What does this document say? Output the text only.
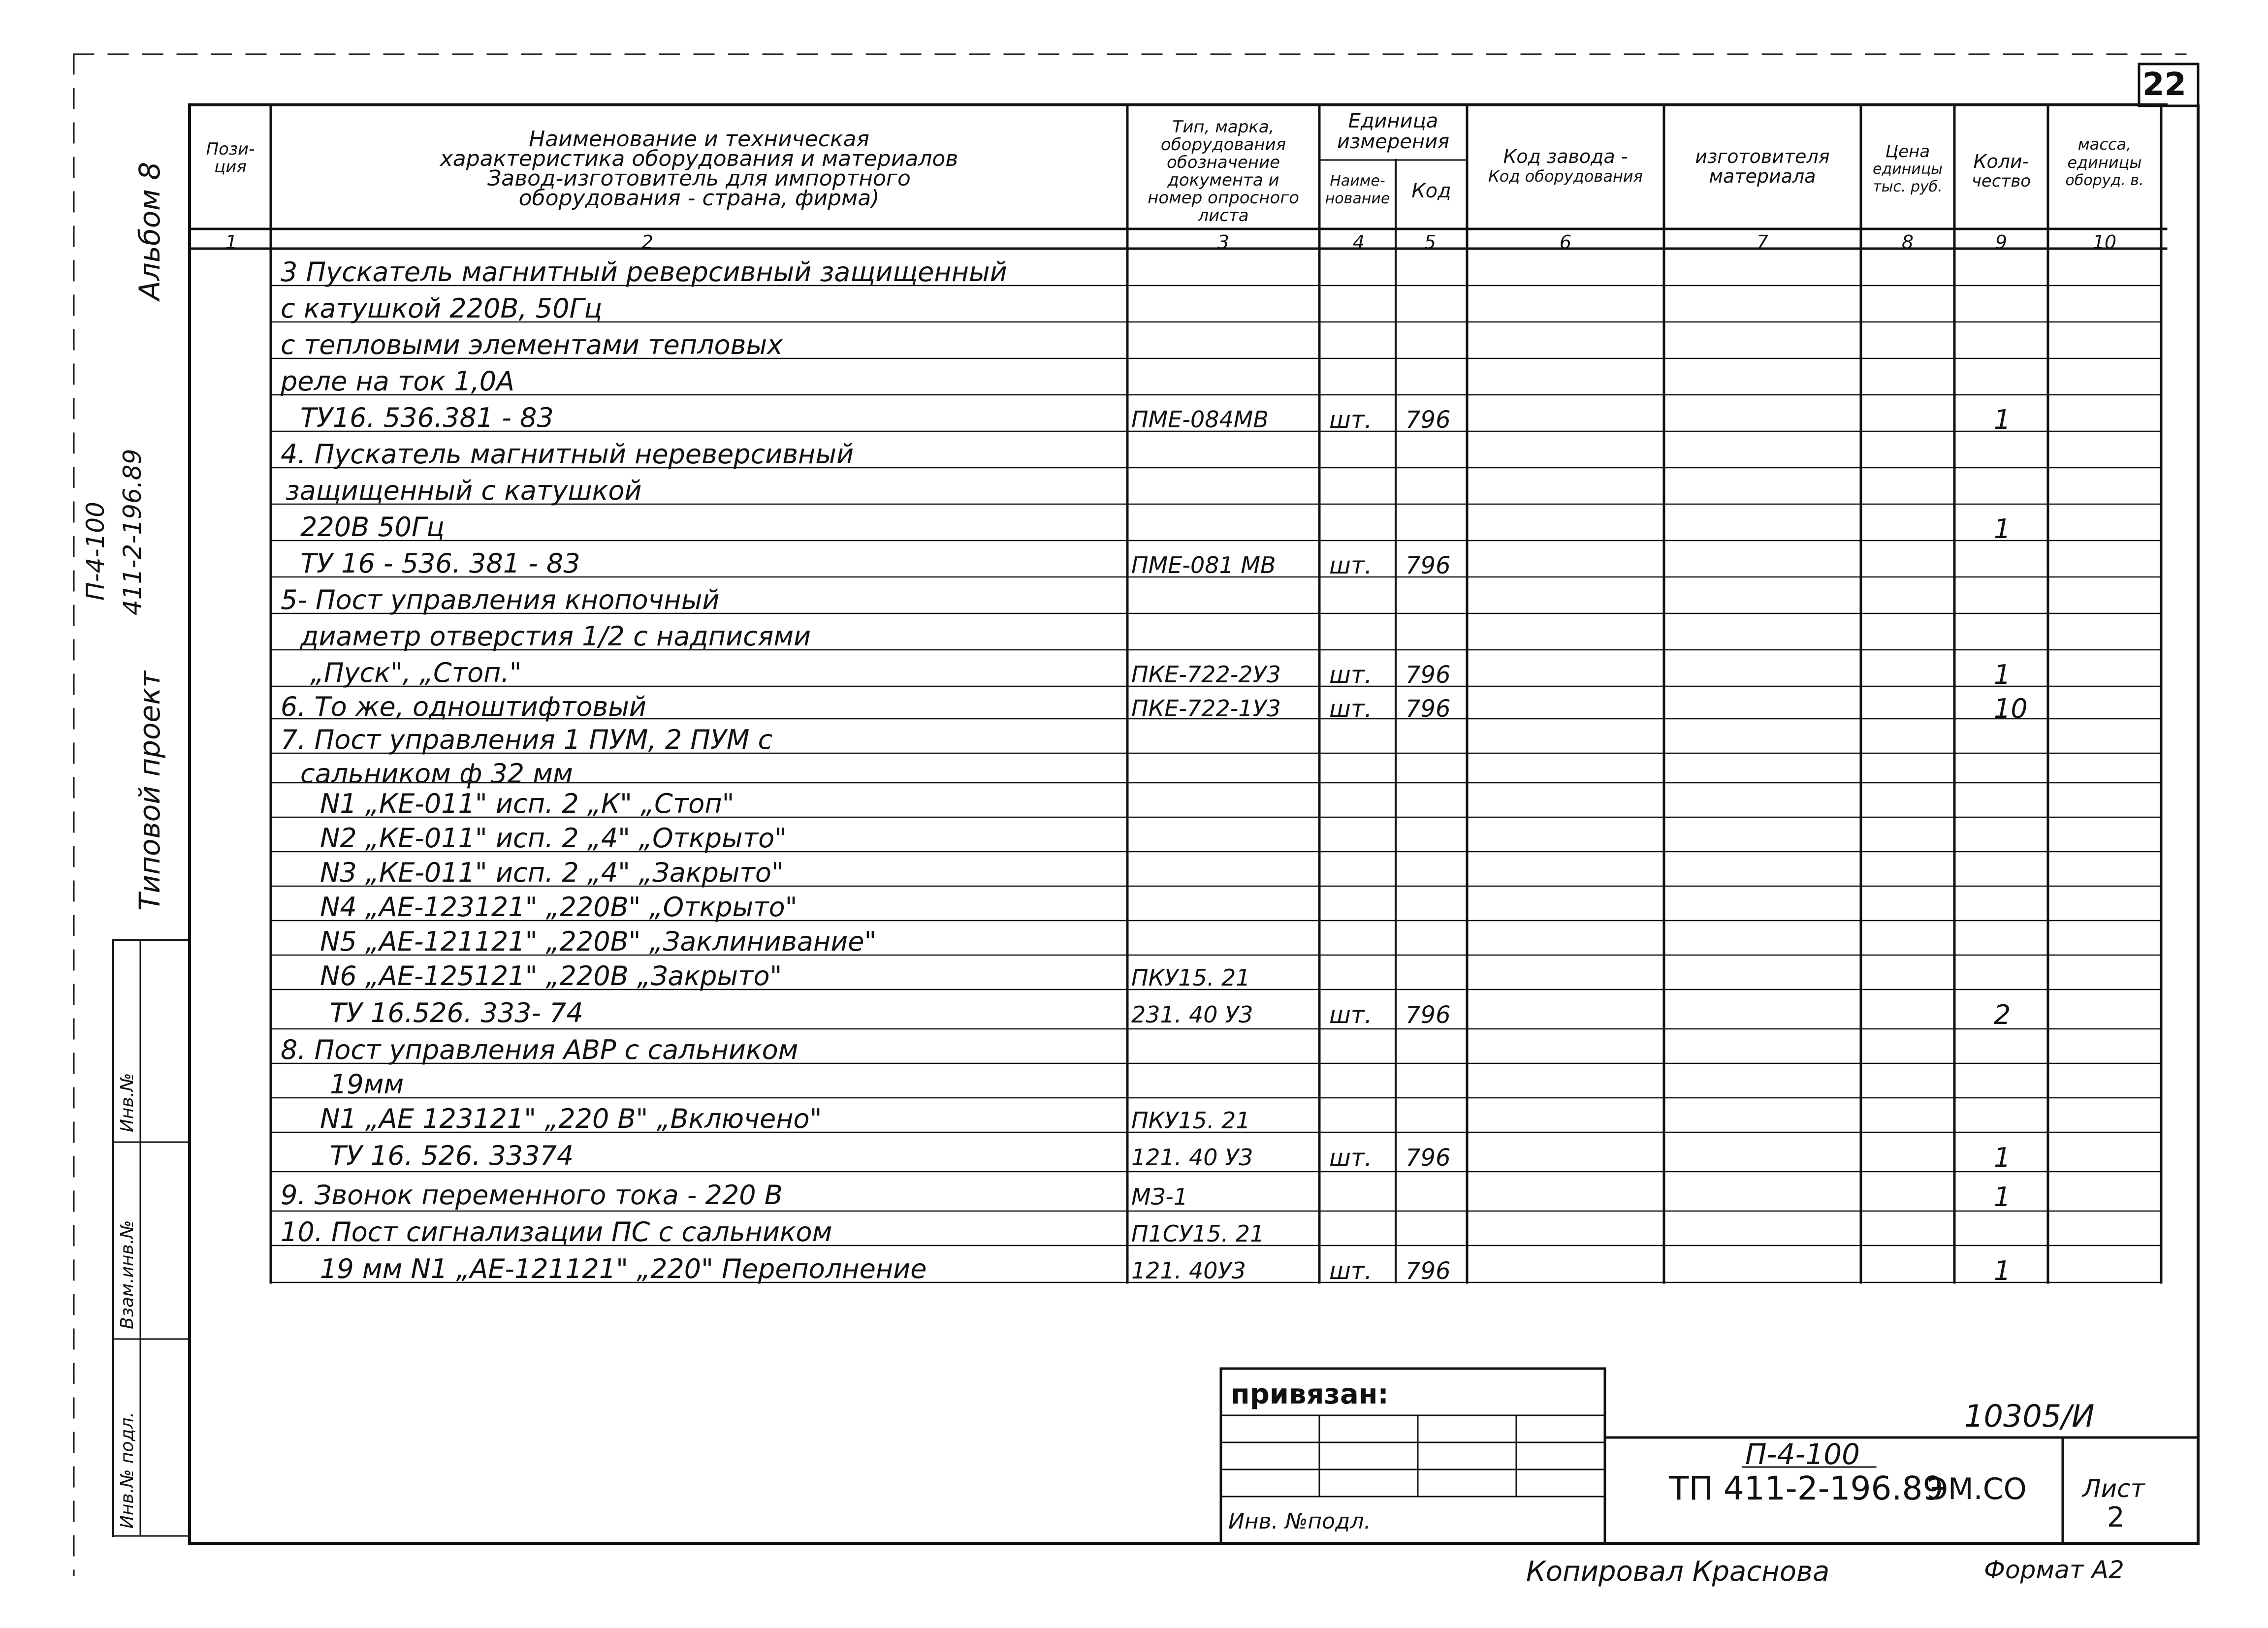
22
Альбом 8
Типовой проект
П-4-100 411-2-196.89
Инв.№
Взам.инв.№
Инв.№ подл.
Пози-ция
Наименование и техническая
характеристика оборудования и материалов
Завод-изготовитель для импортного
оборудования - страна, фирма)
Тип, марка,
оборудования
обозначение
документа и
номер опросного
листа
Единица измерения
Наиме-нование	Код
Код завода -
Код оборудования
изготовителя
материала
Цена
единицы
тыс. руб.
Коли-
чество
масса,
единицы
оборуд. в.
1	2	3	4	5	6	7	8	9	10
3 Пускатель магнитный реверсивный защищенный
с катушкой 220В, 50Гц
с тепловыми элементами тепловых
реле на ток 1,0А
ТУ16. 536.381 - 83	ПМЕ-084МВ	шт. 796	1
4. Пускатель магнитный нереверсивный
защищенный с катушкой
220В 50Гц	1
ТУ 16 - 536. 381 - 83	ПМЕ-081 МВ шт. 796
5- Пост управления кнопочный
диаметр отверстия 1/2 с надписями
„Пуск", „Стоп."	ПКЕ-722-2У3 шт. 796	1
6. То же, одноштифтовый	ПКЕ-722-1У3 шт. 796	10
7. Пост управления 1 ПУМ, 2 ПУМ с
сальником ф 32 мм
N1 „КЕ-011" исп. 2 „К" „Стоп"
N2 „КЕ-011" исп. 2 „4" „Открыто"
N3 „КЕ-011" исп. 2 „4" „Закрыто"
N4 „АЕ-123121" „220В" „Открыто"
N5 „АЕ-121121" „220В" „Заклинивание"
N6 „АЕ-125121" „220В „Закрыто"	ПКУ15. 21
ТУ 16.526. 333- 74	231. 40 У3	шт. 796	2
8. Пост управления АВР с сальником
19мм
N1 „АЕ 123121" „220 В" „Включено"	ПКУ15. 21
ТУ 16. 526. 33374	121. 40 У3	шт. 796	1
9. Звонок переменного тока - 220 В	МЗ-1	1
10. Пост сигнализации ПС с сальником	П1СУ15. 21
19 мм N1 „АЕ-121121" „220" Переполнение	121. 40У3	шт. 796	1
привязан:
Инв. №подл.
10305/И
П-4-100
ТП 411-2-196.89
ЭМ.СО Лист
2
Копировал Краснова	Формат А2
